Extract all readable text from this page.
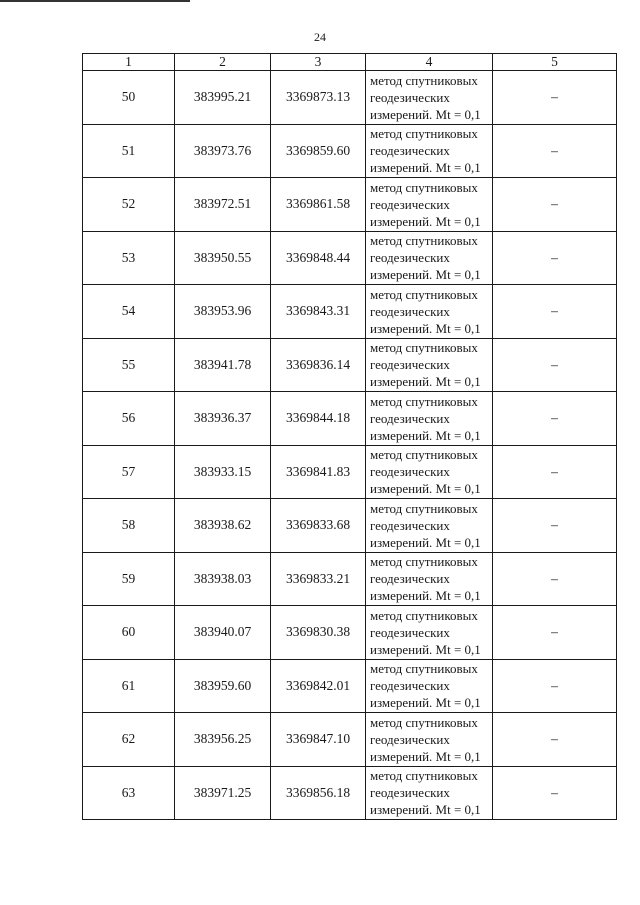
24
1	2	3	4	5
50	383995.21	3369873.13	метод спутниковых
геодезических
измерений. Mt = 0,1	–
51	383973.76	3369859.60	метод спутниковых
геодезических
измерений. Mt = 0,1	–
52	383972.51	3369861.58	метод спутниковых
геодезических
измерений. Mt = 0,1	–
53	383950.55	3369848.44	метод спутниковых
геодезических
измерений. Mt = 0,1	–
54	383953.96	3369843.31	метод спутниковых
геодезических
измерений. Mt = 0,1	–
55	383941.78	3369836.14	метод спутниковых
геодезических
измерений. Mt = 0,1	–
56	383936.37	3369844.18	метод спутниковых
геодезических
измерений. Mt = 0,1	–
57	383933.15	3369841.83	метод спутниковых
геодезических
измерений. Mt = 0,1	–
58	383938.62	3369833.68	метод спутниковых
геодезических
измерений. Mt = 0,1	–
59	383938.03	3369833.21	метод спутниковых
геодезических
измерений. Mt = 0,1	–
60	383940.07	3369830.38	метод спутниковых
геодезических
измерений. Mt = 0,1	–
61	383959.60	3369842.01	метод спутниковых
геодезических
измерений. Mt = 0,1	–
62	383956.25	3369847.10	метод спутниковых
геодезических
измерений. Mt = 0,1	–
63	383971.25	3369856.18	метод спутниковых
геодезических
измерений. Mt = 0,1	–
